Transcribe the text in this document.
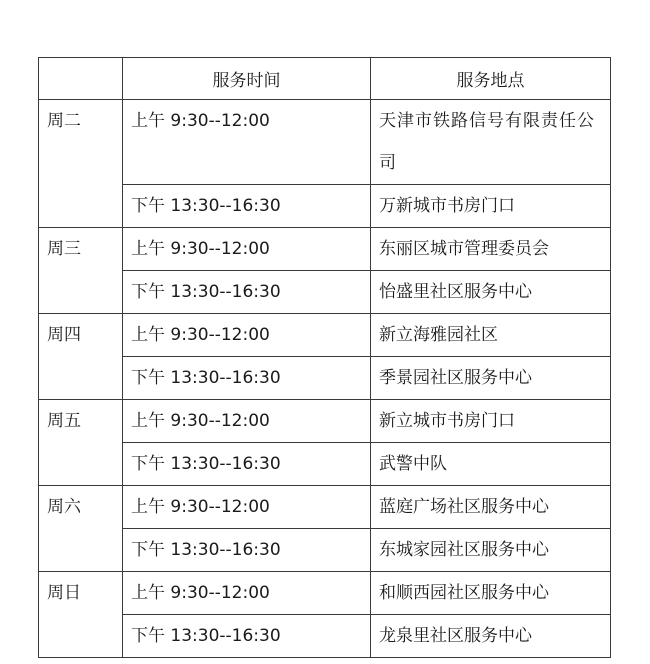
	服务时间	服务地点

周二	上午 9:30--12:00	天津市铁路信号有限责任公司

	下午 13:30--16:30	万新城市书房门口

周三	上午 9:30--12:00	东丽区城市管理委员会

	下午 13:30--16:30	怡盛里社区服务中心

周四	上午 9:30--12:00	新立海雅园社区

	下午 13:30--16:30	季景园社区服务中心

周五	上午 9:30--12:00	新立城市书房门口

	下午 13:30--16:30	武警中队

周六	上午 9:30--12:00	蓝庭广场社区服务中心

	下午 13:30--16:30	东城家园社区服务中心

周日	上午 9:30--12:00	和顺西园社区服务中心

	下午 13:30--16:30	龙泉里社区服务中心
